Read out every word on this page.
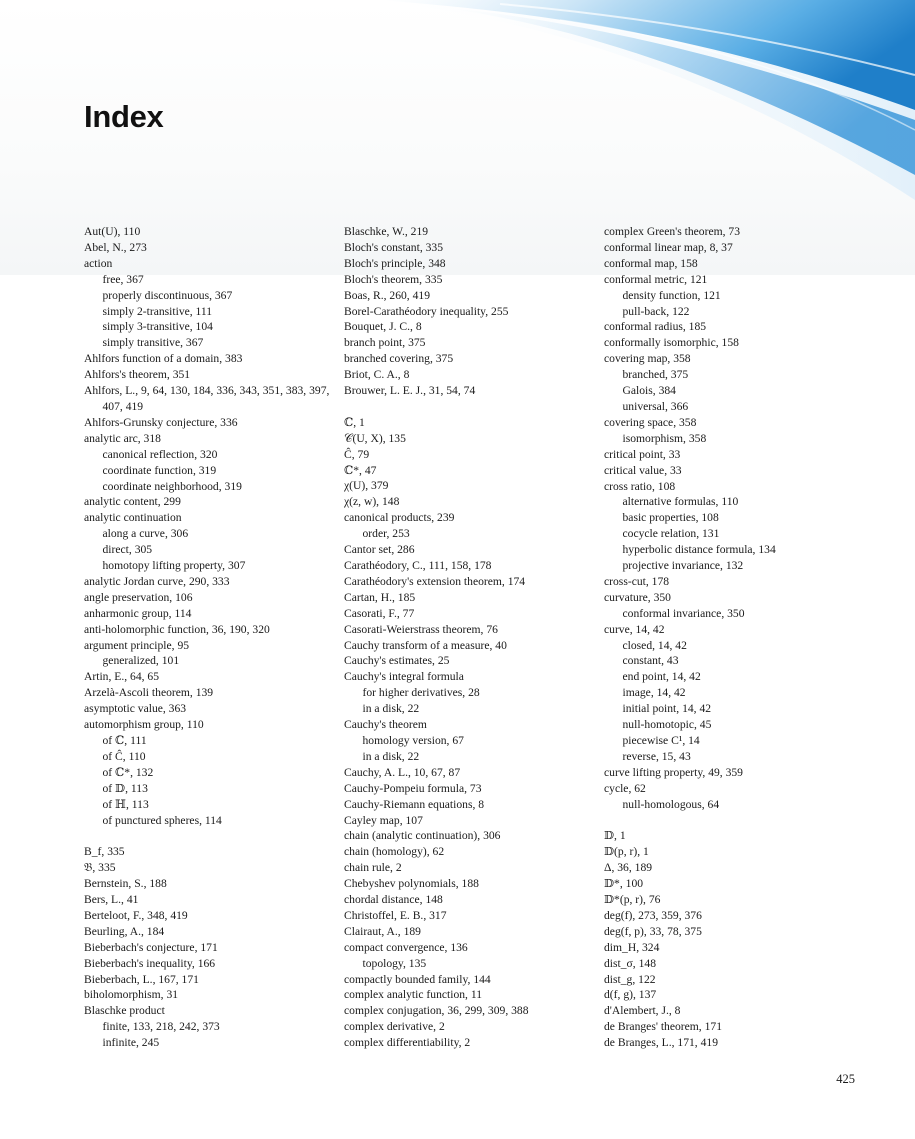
Index
Aut(U), 110
Abel, N., 273
action
free, 367
properly discontinuous, 367
simply 2-transitive, 111
simply 3-transitive, 104
simply transitive, 367
Ahlfors function of a domain, 383
Ahlfors's theorem, 351
Ahlfors, L., 9, 64, 130, 184, 336, 343, 351, 383, 397, 407, 419
Ahlfors-Grunsky conjecture, 336
analytic arc, 318
canonical reflection, 320
coordinate function, 319
coordinate neighborhood, 319
analytic content, 299
analytic continuation
along a curve, 306
direct, 305
homotopy lifting property, 307
analytic Jordan curve, 290, 333
angle preservation, 106
anharmonic group, 114
anti-holomorphic function, 36, 190, 320
argument principle, 95
generalized, 101
Artin, E., 64, 65
Arzelà-Ascoli theorem, 139
asymptotic value, 363
automorphism group, 110
of ℂ, 111
of Ĉ, 110
of ℂ*, 132
of 𝔻, 113
of ℍ, 113
of punctured spheres, 114
B_f, 335
𝔅, 335
Bernstein, S., 188
Bers, L., 41
Berteloot, F., 348, 419
Beurling, A., 184
Bieberbach's conjecture, 171
Bieberbach's inequality, 166
Bieberbach, L., 167, 171
biholomorphism, 31
Blaschke product
finite, 133, 218, 242, 373
infinite, 245
Blaschke, W., 219
Bloch's constant, 335
Bloch's principle, 348
Bloch's theorem, 335
Boas, R., 260, 419
Borel-Carathéodory inequality, 255
Bouquet, J. C., 8
branch point, 375
branched covering, 375
Briot, C. A., 8
Brouwer, L. E. J., 31, 54, 74
ℂ, 1
𝒞(U, X), 135
Ĉ, 79
ℂ*, 47
χ(U), 379
χ(z, w), 148
canonical products, 239
order, 253
Cantor set, 286
Carathéodory, C., 111, 158, 178
Carathéodory's extension theorem, 174
Cartan, H., 185
Casorati, F., 77
Casorati-Weierstrass theorem, 76
Cauchy transform of a measure, 40
Cauchy's estimates, 25
Cauchy's integral formula
for higher derivatives, 28
in a disk, 22
Cauchy's theorem
homology version, 67
in a disk, 22
Cauchy, A. L., 10, 67, 87
Cauchy-Pompeiu formula, 73
Cauchy-Riemann equations, 8
Cayley map, 107
chain (analytic continuation), 306
chain (homology), 62
chain rule, 2
Chebyshev polynomials, 188
chordal distance, 148
Christoffel, E. B., 317
Clairaut, A., 189
compact convergence, 136
topology, 135
compactly bounded family, 144
complex analytic function, 11
complex conjugation, 36, 299, 309, 388
complex derivative, 2
complex differentiability, 2
complex Green's theorem, 73
conformal linear map, 8, 37
conformal map, 158
conformal metric, 121
density function, 121
pull-back, 122
conformal radius, 185
conformally isomorphic, 158
covering map, 358
branched, 375
Galois, 384
universal, 366
covering space, 358
isomorphism, 358
critical point, 33
critical value, 33
cross ratio, 108
alternative formulas, 110
basic properties, 108
cocycle relation, 131
hyperbolic distance formula, 134
projective invariance, 132
cross-cut, 178
curvature, 350
conformal invariance, 350
curve, 14, 42
closed, 14, 42
constant, 43
end point, 14, 42
image, 14, 42
initial point, 14, 42
null-homotopic, 45
piecewise C¹, 14
reverse, 15, 43
curve lifting property, 49, 359
cycle, 62
null-homologous, 64
𝔻, 1
𝔻(p, r), 1
Δ, 36, 189
𝔻*, 100
𝔻*(p, r), 76
deg(f), 273, 359, 376
deg(f, p), 33, 78, 375
dim_H, 324
dist_σ, 148
dist_g, 122
d(f, g), 137
d'Alembert, J., 8
de Branges' theorem, 171
de Branges, L., 171, 419
425
